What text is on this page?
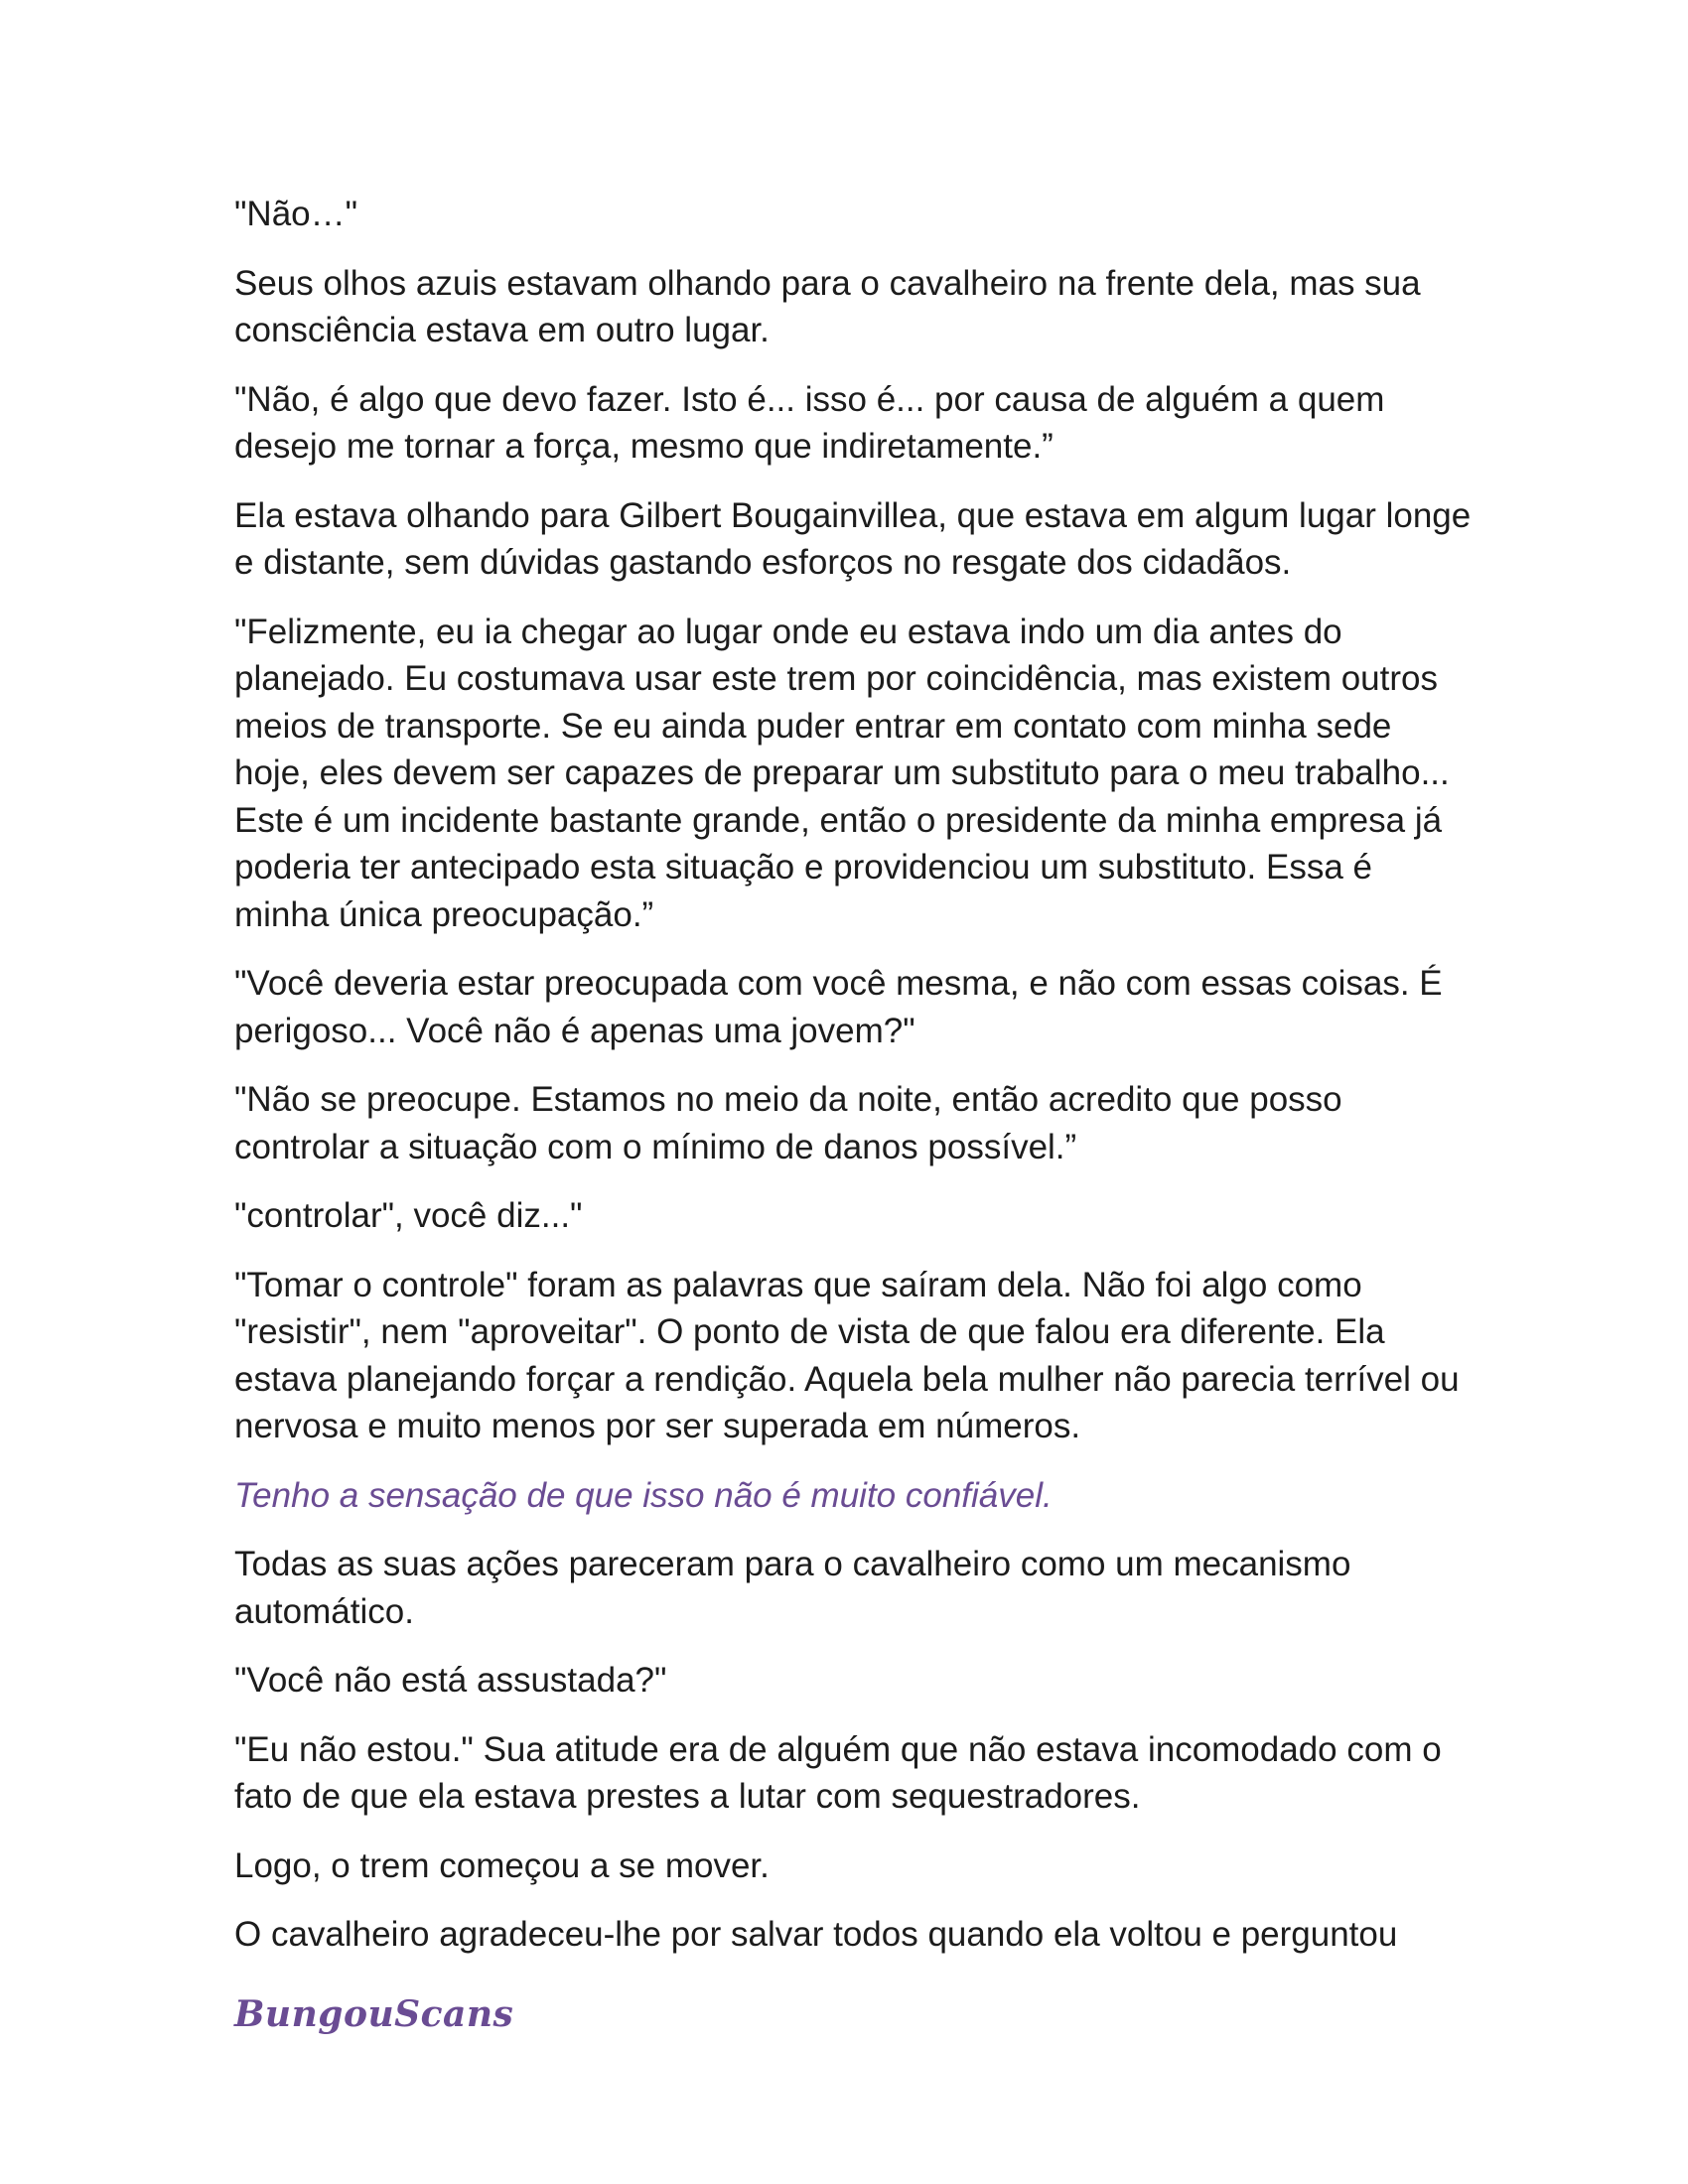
"Não…"

Seus olhos azuis estavam olhando para o cavalheiro na frente dela, mas sua consciência estava em outro lugar.

"Não, é algo que devo fazer. Isto é... isso é... por causa de alguém a quem desejo me tornar a força, mesmo que indiretamente.”

Ela estava olhando para Gilbert Bougainvillea, que estava em algum lugar longe e distante, sem dúvidas gastando esforços no resgate dos cidadãos.

"Felizmente, eu ia chegar ao lugar onde eu estava indo um dia antes do planejado. Eu costumava usar este trem por coincidência, mas existem outros meios de transporte. Se eu ainda puder entrar em contato com minha sede hoje, eles devem ser capazes de preparar um substituto para o meu trabalho... Este é um incidente bastante grande, então o presidente da minha empresa já poderia ter antecipado esta situação e providenciou um substituto. Essa é minha única preocupação.”

"Você deveria estar preocupada com você mesma, e não com essas coisas. É perigoso... Você não é apenas uma jovem?"

"Não se preocupe. Estamos no meio da noite, então acredito que posso controlar a situação com o mínimo de danos possível.”

"controlar", você diz..."

"Tomar o controle" foram as palavras que saíram dela. Não foi algo como "resistir", nem "aproveitar". O ponto de vista de que falou era diferente. Ela estava planejando forçar a rendição. Aquela bela mulher não parecia terrível ou nervosa e muito menos por ser superada em números.

Tenho a sensação de que isso não é muito confiável.

Todas as suas ações pareceram para o cavalheiro como um mecanismo automático.

"Você não está assustada?"

"Eu não estou." Sua atitude era de alguém que não estava incomodado com o fato de que ela estava prestes a lutar com sequestradores.

Logo, o trem começou a se mover.

O cavalheiro agradeceu-lhe por salvar todos quando ela voltou e perguntou

BungouScans
